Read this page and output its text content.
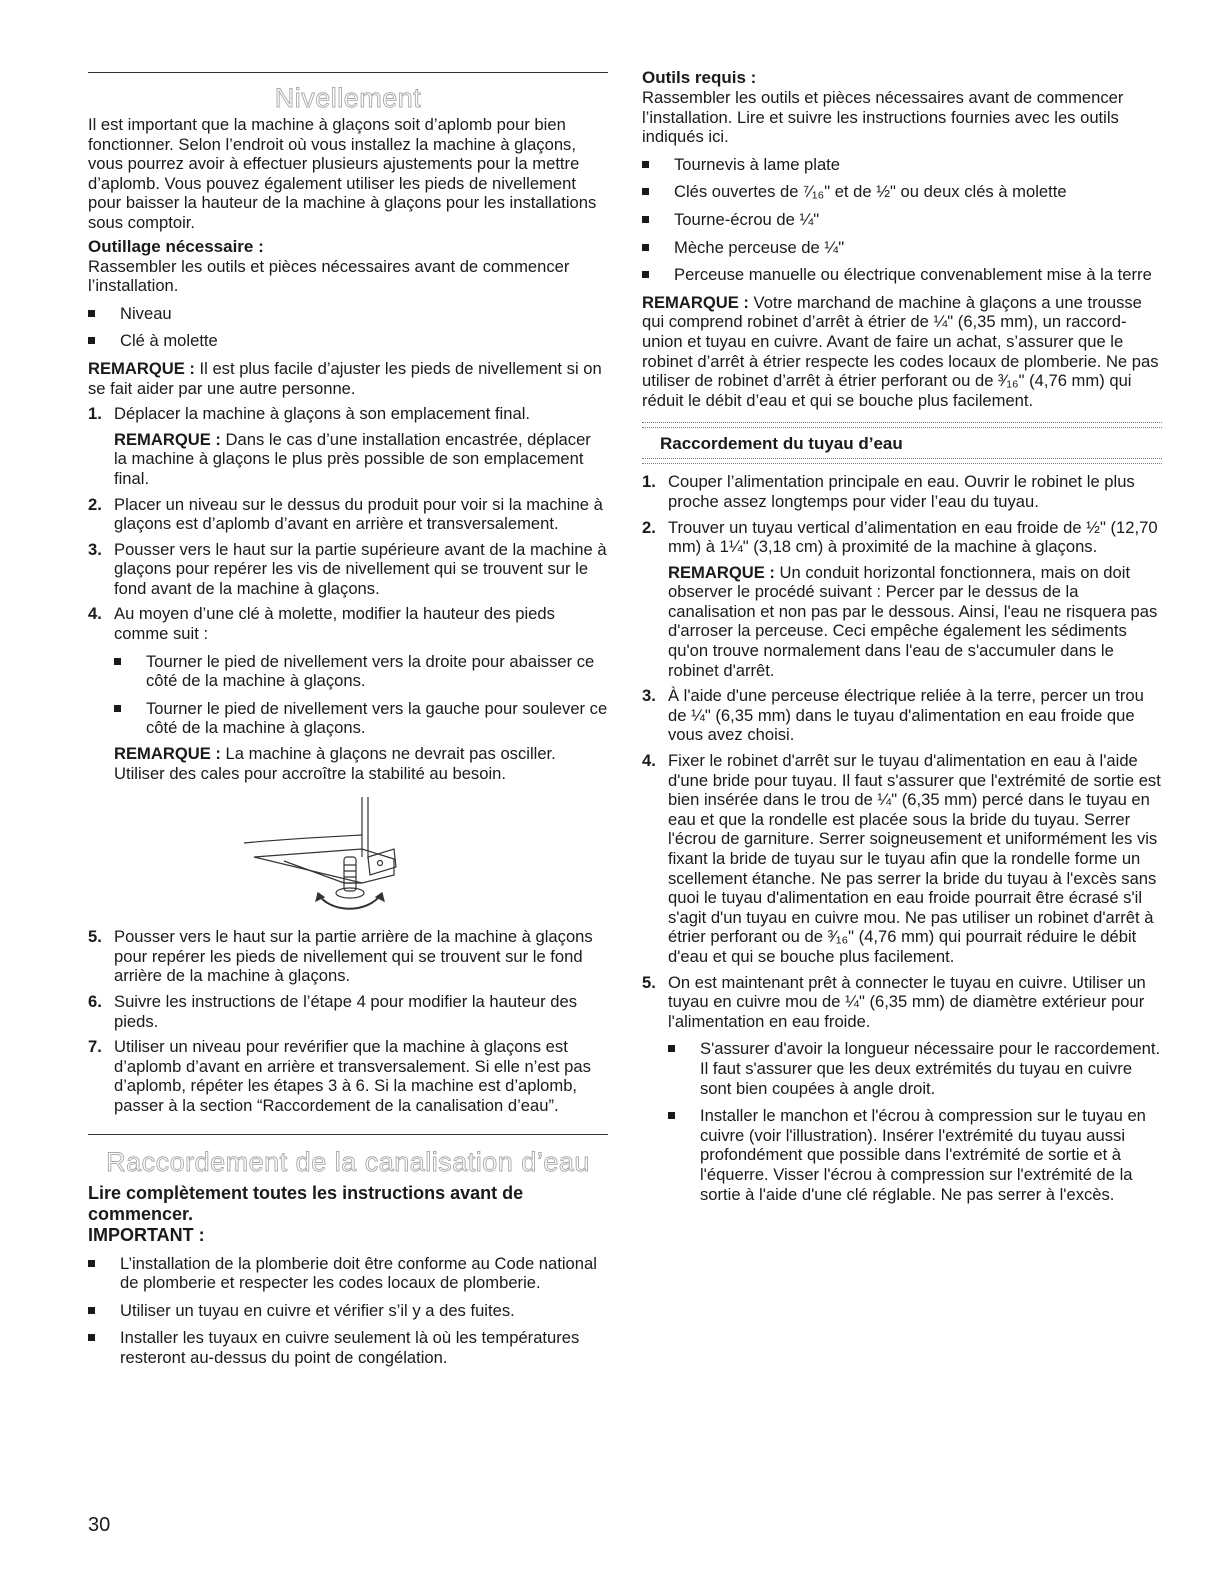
Nivellement

Il est important que la machine à glaçons soit d’aplomb pour bien fonctionner. Selon l’endroit où vous installez la machine à glaçons, vous pourrez avoir à effectuer plusieurs ajustements pour la mettre d’aplomb. Vous pouvez également utiliser les pieds de nivellement pour baisser la hauteur de la machine à glaçons pour les installations sous comptoir.

Outillage nécessaire :

Rassembler les outils et pièces nécessaires avant de commencer l’installation.

Niveau
Clé à molette

REMARQUE : Il est plus facile d’ajuster les pieds de nivellement si on se fait aider par une autre personne.

1. Déplacer la machine à glaçons à son emplacement final.

REMARQUE : Dans le cas d’une installation encastrée, déplacer la machine à glaçons le plus près possible de son emplacement final.

2. Placer un niveau sur le dessus du produit pour voir si la machine à glaçons est d’aplomb d’avant en arrière et transversalement.
3. Pousser vers le haut sur la partie supérieure avant de la machine à glaçons pour repérer les vis de nivellement qui se trouvent sur le fond avant de la machine à glaçons.
4. Au moyen d’une clé à molette, modifier la hauteur des pieds comme suit :
Tourner le pied de nivellement vers la droite pour abaisser ce côté de la machine à glaçons.
Tourner le pied de nivellement vers la gauche pour soulever ce côté de la machine à glaçons.

REMARQUE : La machine à glaçons ne devrait pas osciller. Utiliser des cales pour accroître la stabilité au besoin.

5. Pousser vers le haut sur la partie arrière de la machine à glaçons pour repérer les pieds de nivellement qui se trouvent sur le fond arrière de la machine à glaçons.
6. Suivre les instructions de l’étape 4 pour modifier la hauteur des pieds.
7. Utiliser un niveau pour revérifier que la machine à glaçons est d’aplomb d’avant en arrière et transversalement. Si elle n’est pas d’aplomb, répéter les étapes 3 à 6. Si la machine est d’aplomb, passer à la section “Raccordement de la canalisation d’eau”.
Raccordement de la canalisation d’eau

Lire complètement toutes les instructions avant de commencer.

IMPORTANT :

L’installation de la plomberie doit être conforme au Code national de plomberie et respecter les codes locaux de plomberie.
Utiliser un tuyau en cuivre et vérifier s’il y a des fuites.
Installer les tuyaux en cuivre seulement là où les températures resteront au-dessus du point de congélation.

Outils requis :

Rassembler les outils et pièces nécessaires avant de commencer l’installation. Lire et suivre les instructions fournies avec les outils indiqués ici.

Tournevis à lame plate
Clés ouvertes de ⁷⁄₁₆" et de ½" ou deux clés à molette
Tourne-écrou de ¼"
Mèche perceuse de ¼"
Perceuse manuelle ou électrique convenablement mise à la terre

REMARQUE : Votre marchand de machine à glaçons a une trousse qui comprend robinet d’arrêt à étrier de ¼" (6,35 mm), un raccord-union et tuyau en cuivre. Avant de faire un achat, s’assurer que le robinet d’arrêt à étrier respecte les codes locaux de plomberie. Ne pas utiliser de robinet d’arrêt à étrier perforant ou de ³⁄₁₆" (4,76 mm) qui réduit le débit d’eau et qui se bouche plus facilement.

Raccordement du tuyau d’eau

1. Couper l’alimentation principale en eau. Ouvrir le robinet le plus proche assez longtemps pour vider l’eau du tuyau.
2. Trouver un tuyau vertical d’alimentation en eau froide de ½" (12,70 mm) à 1¼" (3,18 cm) à proximité de la machine à glaçons.

REMARQUE : Un conduit horizontal fonctionnera, mais on doit observer le procédé suivant : Percer par le dessus de la canalisation et non pas par le dessous. Ainsi, l'eau ne risquera pas d'arroser la perceuse. Ceci empêche également les sédiments qu'on trouve normalement dans l'eau de s'accumuler dans le robinet d'arrêt.

3. À l'aide d'une perceuse électrique reliée à la terre, percer un trou de ¼" (6,35 mm) dans le tuyau d'alimentation en eau froide que vous avez choisi.
4. Fixer le robinet d'arrêt sur le tuyau d'alimentation en eau à l'aide d'une bride pour tuyau. Il faut s'assurer que l'extrémité de sortie est bien insérée dans le trou de ¼" (6,35 mm) percé dans le tuyau en eau et que la rondelle est placée sous la bride du tuyau. Serrer l'écrou de garniture. Serrer soigneusement et uniformément les vis fixant la bride de tuyau sur le tuyau afin que la rondelle forme un scellement étanche. Ne pas serrer la bride du tuyau à l'excès sans quoi le tuyau d'alimentation en eau froide pourrait être écrasé s'il s'agit d'un tuyau en cuivre mou. Ne pas utiliser un robinet d'arrêt à étrier perforant ou de ³⁄₁₆" (4,76 mm) qui pourrait réduire le débit d'eau et qui se bouche plus facilement.
5. On est maintenant prêt à connecter le tuyau en cuivre. Utiliser un tuyau en cuivre mou de ¼" (6,35 mm) de diamètre extérieur pour l'alimentation en eau froide.
S'assurer d'avoir la longueur nécessaire pour le raccordement. Il faut s'assurer que les deux extrémités du tuyau en cuivre sont bien coupées à angle droit.
Installer le manchon et l'écrou à compression sur le tuyau en cuivre (voir l'illustration). Insérer l'extrémité du tuyau aussi profondément que possible dans l'extrémité de sortie et à l'équerre. Visser l'écrou à compression sur l'extrémité de la sortie à l'aide d'une clé réglable. Ne pas serrer à l'excès.
30
